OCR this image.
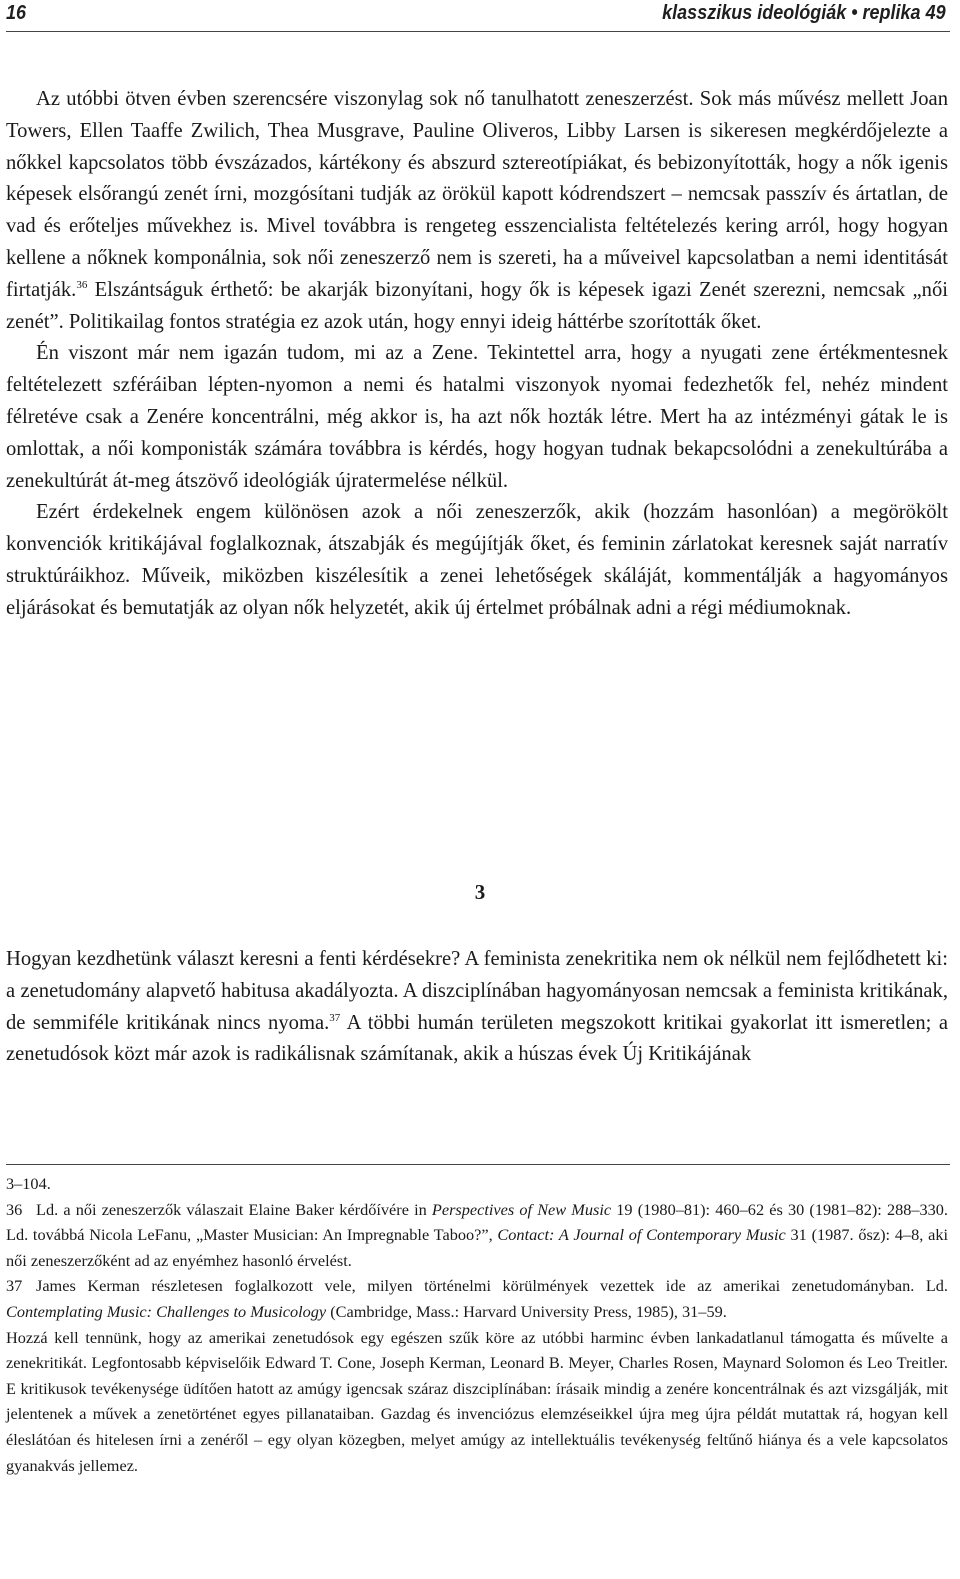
16	klasszikus ideológiák • replika 49

Az utóbbi ötven évben szerencsére viszonylag sok nő tanulhatott zeneszerzést. Sok más művész mellett Joan Towers, Ellen Taaffe Zwilich, Thea Musgrave, Pauline Oliveros, Libby Larsen is sikeresen megkérdőjelezte a nőkkel kapcsolatos több évszázados, kártékony és abszurd sztereotípiákat, és bebizonyították, hogy a nők igenis képesek elsőrangú zenét írni, mozgósítani tudják az örökül kapott kódrendszert – nemcsak passzív és ártatlan, de vad és erőteljes művekhez is. Mivel továbbra is rengeteg esszencialista feltételezés kering arról, hogy hogyan kellene a nőknek komponálnia, sok női zeneszerző nem is szereti, ha a műveivel kapcsolatban a nemi identitását firtatják.$^{36}$ Elszántságuk érthető: be akarják bizonyítani, hogy ők is képesek igazi Zenét szerezni, nemcsak „női zenét”. Politikailag fontos stratégia ez azok után, hogy ennyi ideig háttérbe szorították őket.

Én viszont már nem igazán tudom, mi az a Zene. Tekintettel arra, hogy a nyugati zene értékmentesnek feltételezett szféráiban lépten-nyomon a nemi és hatalmi viszonyok nyomai fedezhetők fel, nehéz mindent félretéve csak a Zenére koncentrálni, még akkor is, ha azt nők hozták létre. Mert ha az intézményi gátak le is omlottak, a női komponisták számára továbbra is kérdés, hogy hogyan tudnak bekapcsolódni a zenekultúrába a zenekultúrát át-meg átszövő ideológiák újratermelése nélkül.

Ezért érdekelnek engem különösen azok a női zeneszerzők, akik (hozzám hasonlóan) a megörökölt konvenciók kritikájával foglalkoznak, átszabják és megújítják őket, és feminin zárlatokat keresnek saját narratív struktúráikhoz. Műveik, miközben kiszélesítik a zenei lehetőségek skáláját, kommentálják a hagyományos eljárásokat és bemutatják az olyan nők helyzetét, akik új értelmet próbálnak adni a régi médiumoknak.

3

Hogyan kezdhetünk választ keresni a fenti kérdésekre? A feminista zenekritika nem ok nélkül nem fejlődhetett ki: a zenetudomány alapvető habitusa akadályozta. A diszciplínában hagyományosan nemcsak a feminista kritikának, de semmiféle kritikának nincs nyoma.$^{37}$ A többi humán területen megszokott kritikai gyakorlat itt ismeretlen; a zenetudósok közt már azok is radikálisnak számítanak, akik a húszas évek Új Kritikájának

3–104.

36 Ld. a női zeneszerzők válaszait Elaine Baker kérdőívére in Perspectives of New Music 19 (1980–81): 460–62 és 30 (1981–82): 288–330. Ld. továbbá Nicola LeFanu, „Master Musician: An Impregnable Taboo?”, Contact: A Journal of Contemporary Music 31 (1987. ősz): 4–8, aki női zeneszerzőként ad az enyémhez hasonló érvelést.

37 James Kerman részletesen foglalkozott vele, milyen történelmi körülmények vezettek ide az amerikai zenetudományban. Ld. Contemplating Music: Challenges to Musicology (Cambridge, Mass.: Harvard University Press, 1985), 31–59.

Hozzá kell tennünk, hogy az amerikai zenetudósok egy egészen szűk köre az utóbbi harminc évben lankadatlanul támogatta és művelte a zenekritikát. Legfontosabb képviselőik Edward T. Cone, Joseph Kerman, Leonard B. Meyer, Charles Rosen, Maynard Solomon és Leo Treitler. E kritikusok tevékenysége üdítően hatott az amúgy igencsak száraz diszciplínában: írásaik mindig a zenére koncentrálnak és azt vizsgálják, mit jelentenek a művek a zenetörténet egyes pillanataiban. Gazdag és invenciózus elemzéseikkel újra meg újra példát mutattak rá, hogyan kell éleslátóan és hitelesen írni a zenéről – egy olyan közegben, melyet amúgy az intellektuális tevékenység feltűnő hiánya és a vele kapcsolatos gyanakvás jellemez.
